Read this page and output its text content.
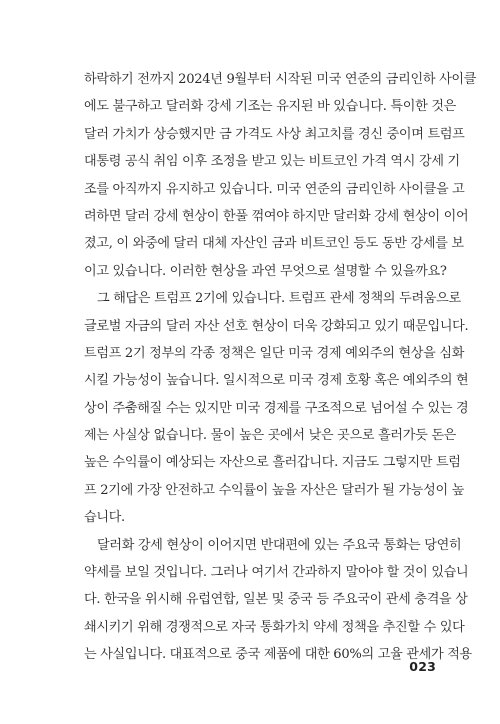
하락하기 전까지 2024년 9월부터 시작된 미국 연준의 금리인하 사이클
에도 불구하고 달러화 강세 기조는 유지된 바 있습니다. 특이한 것은
달러 가치가 상승했지만 금 가격도 사상 최고치를 경신 중이며 트럼프
대통령 공식 취임 이후 조정을 받고 있는 비트코인 가격 역시 강세 기
조를 아직까지 유지하고 있습니다. 미국 연준의 금리인하 사이클을 고
려하면 달러 강세 현상이 한풀 꺾여야 하지만 달러화 강세 현상이 이어
졌고, 이 와중에 달러 대체 자산인 금과 비트코인 등도 동반 강세를 보
이고 있습니다. 이러한 현상을 과연 무엇으로 설명할 수 있을까요?
그 해답은 트럼프 2기에 있습니다. 트럼프 관세 정책의 두려움으로
글로벌 자금의 달러 자산 선호 현상이 더욱 강화되고 있기 때문입니다.
트럼프 2기 정부의 각종 정책은 일단 미국 경제 예외주의 현상을 심화
시킬 가능성이 높습니다. 일시적으로 미국 경제 호황 혹은 예외주의 현
상이 주춤해질 수는 있지만 미국 경제를 구조적으로 넘어설 수 있는 경
제는 사실상 없습니다. 물이 높은 곳에서 낮은 곳으로 흘러가듯 돈은
높은 수익률이 예상되는 자산으로 흘러갑니다. 지금도 그렇지만 트럼
프 2기에 가장 안전하고 수익률이 높을 자산은 달러가 될 가능성이 높
습니다.
달러화 강세 현상이 이어지면 반대편에 있는 주요국 통화는 당연히
약세를 보일 것입니다. 그러나 여기서 간과하지 말아야 할 것이 있습니
다. 한국을 위시해 유럽연합, 일본 및 중국 등 주요국이 관세 충격을 상
쇄시키기 위해 경쟁적으로 자국 통화가치 약세 정책을 추진할 수 있다
는 사실입니다. 대표적으로 중국 제품에 대한 60%의 고율 관세가 적용
023
